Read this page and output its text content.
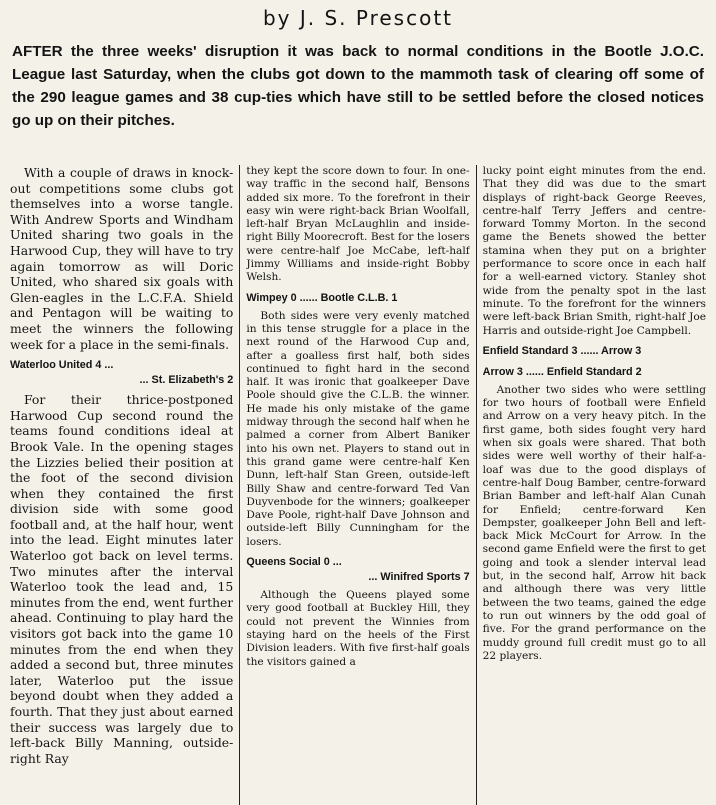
by J. S. Prescott
AFTER the three weeks' disruption it was back to normal conditions in the Bootle J.O.C. League last Saturday, when the clubs got down to the mammoth task of clearing off some of the 290 league games and 38 cup-ties which have still to be settled before the closed notices go up on their pitches.

With a couple of draws in knock-out competitions some clubs got themselves into a worse tangle. With Andrew Sports and Windham United sharing two goals in the Harwood Cup, they will have to try again tomorrow as will Doric United, who shared six goals with Glen-eagles in the L.C.F.A. Shield and Pentagon will be waiting to meet the winners the following week for a place in the semi-finals.

Waterloo United 4 ...
... St. Elizabeth's 2

For their thrice-postponed Harwood Cup second round the teams found conditions ideal at Brook Vale. In the opening stages the Lizzies belied their position at the foot of the second division when they contained the first division side with some good football and, at the half hour, went into the lead. Eight minutes later Waterloo got back on level terms. Two minutes after the interval Waterloo took the lead and, 15 minutes from the end, went further ahead. Continuing to play hard the visitors got back into the game 10 minutes from the end when they added a second but, three minutes later, Waterloo put the issue beyond doubt when they added a fourth. That they just about earned their success was largely due to left-back Billy Manning, outside-right Ray

they kept the score down to four. In one-way traffic in the second half, Bensons added six more. To the forefront in their easy win were right-back Brian Woolfall, left-half Bryan McLaughlin and inside-right Billy Moorecroft. Best for the losers were centre-half Joe McCabe, left-half Jimmy Williams and inside-right Bobby Welsh.

Wimpey 0 ...... Bootle C.L.B. 1

Both sides were very evenly matched in this tense struggle for a place in the next round of the Harwood Cup and, after a goalless first half, both sides continued to fight hard in the second half. It was ironic that goalkeeper Dave Poole should give the C.L.B. the winner. He made his only mistake of the game midway through the second half when he palmed a corner from Albert Baniker into his own net. Players to stand out in this grand game were centre-half Ken Dunn, left-half Stan Green, outside-left Billy Shaw and centre-forward Ted Van Duyvenbode for the winners; goalkeeper Dave Poole, right-half Dave Johnson and outside-left Billy Cunningham for the losers.

Queens Social 0 ...
... Winifred Sports 7

Although the Queens played some very good football at Buckley Hill, they could not prevent the Winnies from staying hard on the heels of the First Division leaders. With five first-half goals the visitors gained a

lucky point eight minutes from the end. That they did was due to the smart displays of right-back George Reeves, centre-half Terry Jeffers and centre-forward Tommy Morton. In the second game the Benets showed the better stamina when they put on a brighter performance to score once in each half for a well-earned victory. Stanley shot wide from the penalty spot in the last minute. To the forefront for the winners were left-back Brian Smith, right-half Joe Harris and outside-right Joe Campbell.

Enfield Standard 3 ...... Arrow 3
Arrow 3 ...... Enfield Standard 2

Another two sides who were settling for two hours of football were Enfield and Arrow on a very heavy pitch. In the first game, both sides fought very hard when six goals were shared. That both sides were well worthy of their half-a-loaf was due to the good displays of centre-half Doug Bamber, centre-forward Brian Bamber and left-half Alan Cunah for Enfield; centre-forward Ken Dempster, goalkeeper John Bell and left-back Mick McCourt for Arrow. In the second game Enfield were the first to get going and took a slender interval lead but, in the second half, Arrow hit back and although there was very little between the two teams, gained the edge to run out winners by the odd goal of five. For the grand performance on the muddy ground full credit must go to all 22 players.
